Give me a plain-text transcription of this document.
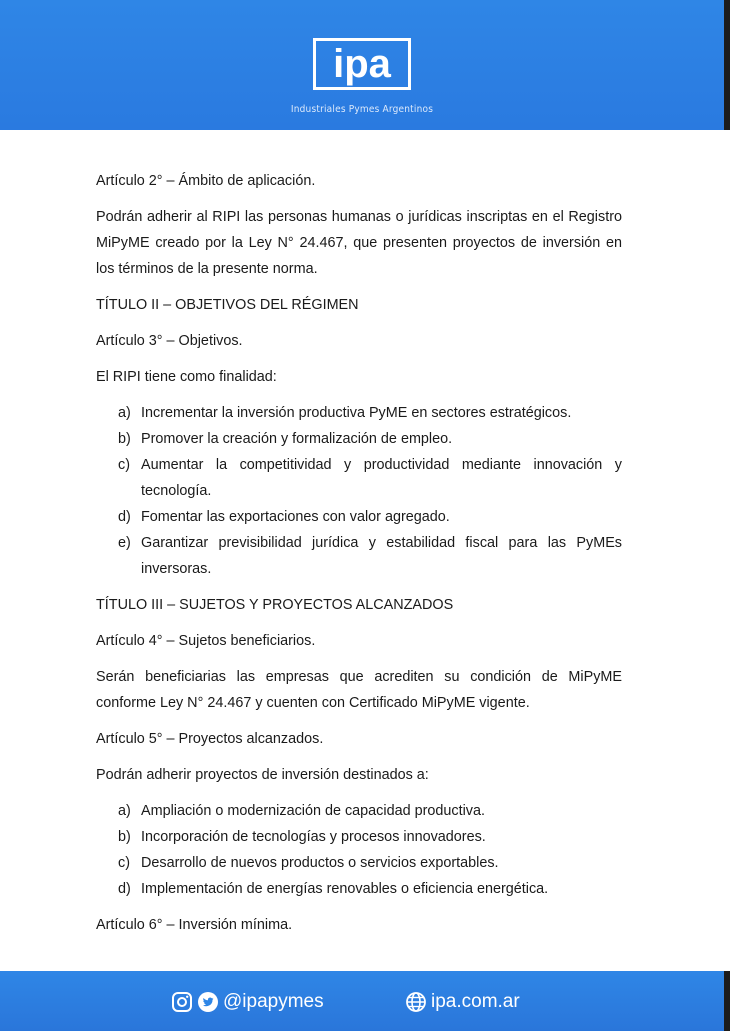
ipa
Industriales Pymes Argentinos

Artículo 2° – Ámbito de aplicación.

Podrán adherir al RIPI las personas humanas o jurídicas inscriptas en el Registro MiPyME creado por la Ley N° 24.467, que presenten proyectos de inversión en los términos de la presente norma.

TÍTULO II – OBJETIVOS DEL RÉGIMEN

Artículo 3° – Objetivos.

El RIPI tiene como finalidad:

a) Incrementar la inversión productiva PyME en sectores estratégicos.
b) Promover la creación y formalización de empleo.
c) Aumentar la competitividad y productividad mediante innovación y tecnología.
d) Fomentar las exportaciones con valor agregado.
e) Garantizar previsibilidad jurídica y estabilidad fiscal para las PyMEs inversoras.

TÍTULO III – SUJETOS Y PROYECTOS ALCANZADOS

Artículo 4° – Sujetos beneficiarios.

Serán beneficiarias las empresas que acrediten su condición de MiPyME conforme Ley N° 24.467 y cuenten con Certificado MiPyME vigente.

Artículo 5° – Proyectos alcanzados.

Podrán adherir proyectos de inversión destinados a:

a) Ampliación o modernización de capacidad productiva.
b) Incorporación de tecnologías y procesos innovadores.
c) Desarrollo de nuevos productos o servicios exportables.
d) Implementación de energías renovables o eficiencia energética.

Artículo 6° – Inversión mínima.

@ipapymes	ipa.com.ar
